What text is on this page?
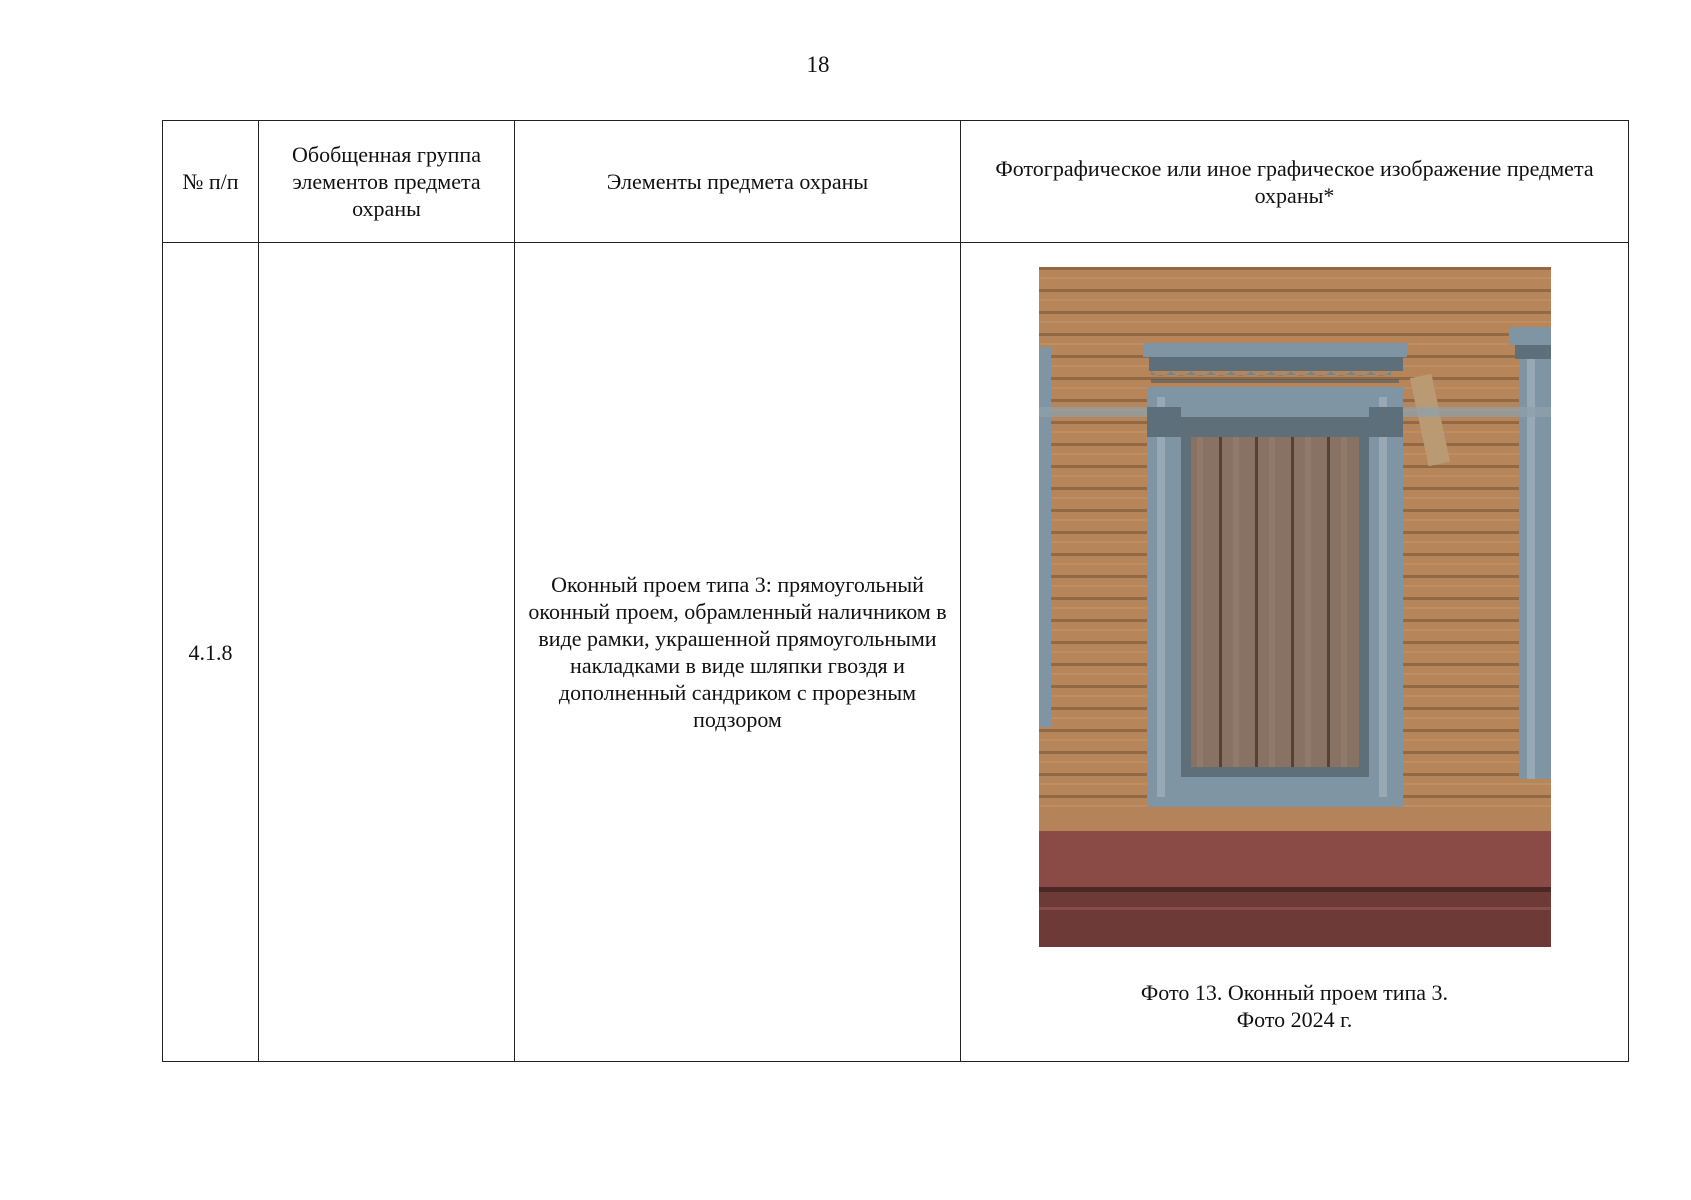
18
№ п/п	Обобщенная группа элементов предмета охраны	Элементы предмета охраны	Фотографическое или иное графическое изображение предмета охраны*
4.1.8		Оконный проем типа 3: прямоугольный оконный проем, обрамленный наличником в виде рамки, украшенной прямоугольными накладками в виде шляпки гвоздя и дополненный сандриком с прорезным подзором	Фото 13. Оконный проем типа 3.
Фото 2024 г.
